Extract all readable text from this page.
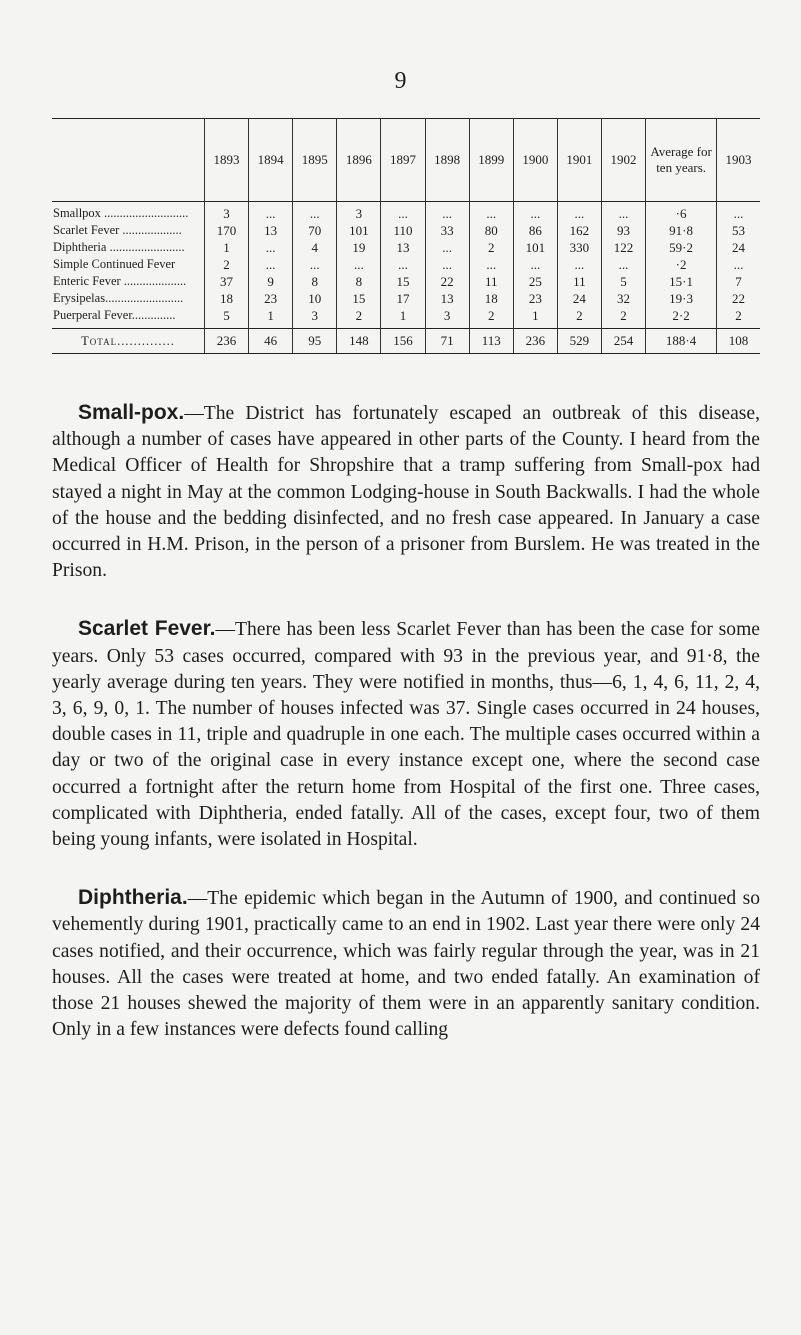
9
	1893	1894	1895	1896	1897	1898	1899	1900	1901	1902	Average for ten years.	1903
Smallpox ...........................	3	...	...	3	...	...	...	...	...	...	·6	...
Scarlet Fever ...................	170	13	70	101	110	33	80	86	162	93	91·8	53
Diphtheria ........................	1	...	4	19	13	...	2	101	330	122	59·2	24
Simple Continued Fever	2	...	...	...	...	...	...	...	...	...	·2	...
Enteric Fever ....................	37	9	8	8	15	22	11	25	11	5	15·1	7
Erysipelas.........................	18	23	10	15	17	13	18	23	24	32	19·3	22
Puerperal Fever..............	5	1	3	2	1	3	2	1	2	2	2·2	2
Total..............	236	46	95	148	156	71	113	236	529	254	188·4	108

Small-pox.—The District has fortunately escaped an outbreak of this disease, although a number of cases have appeared in other parts of the County. I heard from the Medical Officer of Health for Shropshire that a tramp suffering from Small-pox had stayed a night in May at the common Lodging-house in South Backwalls. I had the whole of the house and the bedding disinfected, and no fresh case appeared. In January a case occurred in H.M. Prison, in the person of a prisoner from Burslem. He was treated in the Prison.

Scarlet Fever.—There has been less Scarlet Fever than has been the case for some years. Only 53 cases occurred, compared with 93 in the previous year, and 91·8, the yearly average during ten years. They were notified in months, thus—6, 1, 4, 6, 11, 2, 4, 3, 6, 9, 0, 1. The number of houses infected was 37. Single cases occurred in 24 houses, double cases in 11, triple and quadruple in one each. The multiple cases occurred within a day or two of the original case in every instance except one, where the second case occurred a fortnight after the return home from Hospital of the first one. Three cases, complicated with Diphtheria, ended fatally. All of the cases, except four, two of them being young infants, were isolated in Hospital.

Diphtheria.—The epidemic which began in the Autumn of 1900, and continued so vehemently during 1901, practically came to an end in 1902. Last year there were only 24 cases notified, and their occurrence, which was fairly regular through the year, was in 21 houses. All the cases were treated at home, and two ended fatally. An examination of those 21 houses shewed the majority of them were in an apparently sanitary condition. Only in a few instances were defects found calling
